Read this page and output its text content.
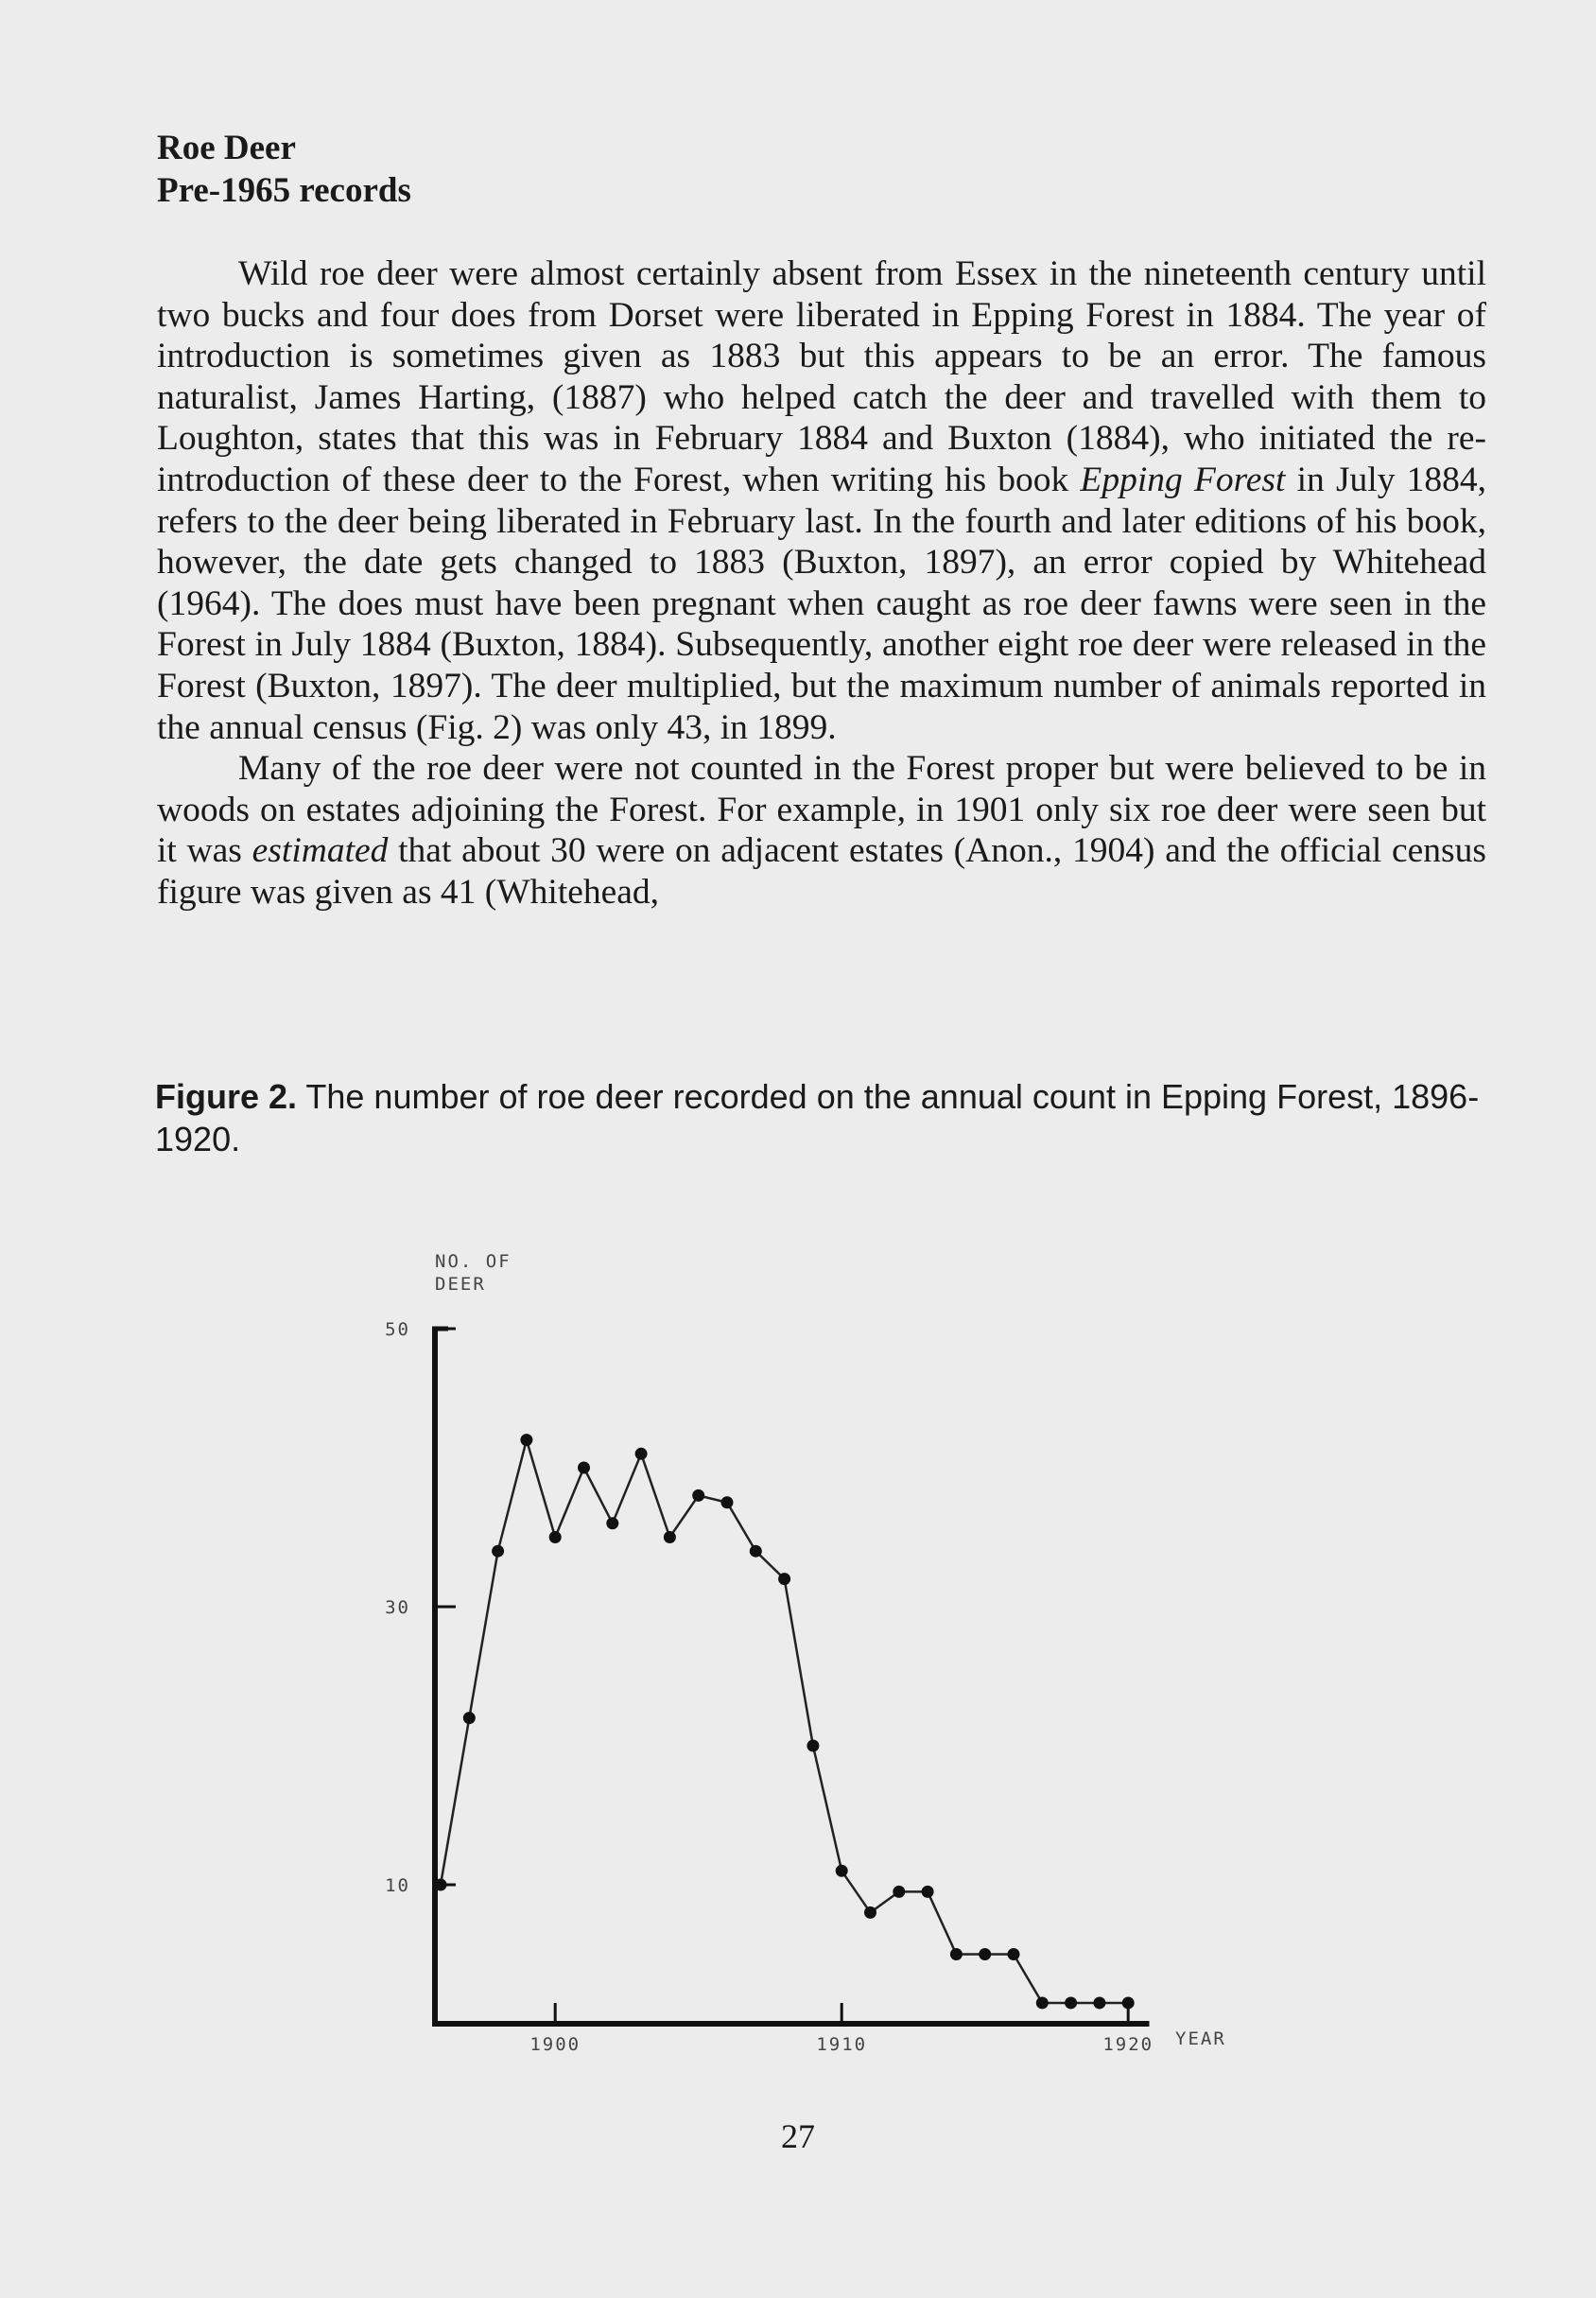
Roe Deer
Pre-1965 records

Wild roe deer were almost certainly absent from Essex in the nineteenth century until two bucks and four does from Dorset were liberated in Epping Forest in 1884. The year of introduction is sometimes given as 1883 but this appears to be an error. The famous naturalist, James Harting, (1887) who helped catch the deer and travelled with them to Loughton, states that this was in February 1884 and Buxton (1884), who initiated the re-introduction of these deer to the Forest, when writing his book Epping Forest in July 1884, refers to the deer being liberated in February last. In the fourth and later editions of his book, however, the date gets changed to 1883 (Buxton, 1897), an error copied by Whitehead (1964). The does must have been pregnant when caught as roe deer fawns were seen in the Forest in July 1884 (Buxton, 1884). Subsequently, another eight roe deer were released in the Forest (Buxton, 1897). The deer multiplied, but the maximum number of animals reported in the annual census (Fig. 2) was only 43, in 1899.

Many of the roe deer were not counted in the Forest proper but were believed to be in woods on estates adjoining the Forest. For example, in 1901 only six roe deer were seen but it was estimated that about 30 were on adjacent estates (Anon., 1904) and the official census figure was given as 41 (Whitehead,

Figure 2. The number of roe deer recorded on the annual count in Epping Forest, 1896-1920.
NO. OF
DEER
YEAR
10
30
50
1900	1910	1920
27
